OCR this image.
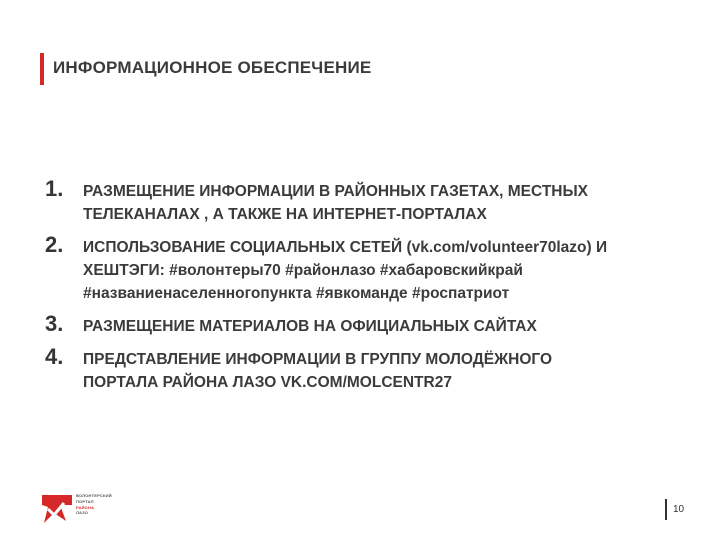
ИНФОРМАЦИОННОЕ ОБЕСПЕЧЕНИЕ
1. РАЗМЕЩЕНИЕ ИНФОРМАЦИИ В РАЙОННЫХ ГАЗЕТАХ, МЕСТНЫХ
ТЕЛЕКАНАЛАХ , А ТАКЖЕ НА ИНТЕРНЕТ-ПОРТАЛАХ
2. ИСПОЛЬЗОВАНИЕ СОЦИАЛЬНЫХ СЕТЕЙ (vk.com/volunteer70lazo) И
ХЕШТЭГИ: #волонтеры70 #районлазо #хабаровскийкрай
#названиенаселенногопункта #явкоманде #роспатриот
3. РАЗМЕЩЕНИЕ МАТЕРИАЛОВ НА ОФИЦИАЛЬНЫХ САЙТАХ
4. ПРЕДСТАВЛЕНИЕ ИНФОРМАЦИИ В ГРУППУ МОЛОДЁЖНОГО
ПОРТАЛА РАЙОНА ЛАЗО VK.COM/MOLCENTR27
ВОЛОНТЕРСКИЙ
ПОРТАЛ
РАЙОНА
ЛАЗО	10
